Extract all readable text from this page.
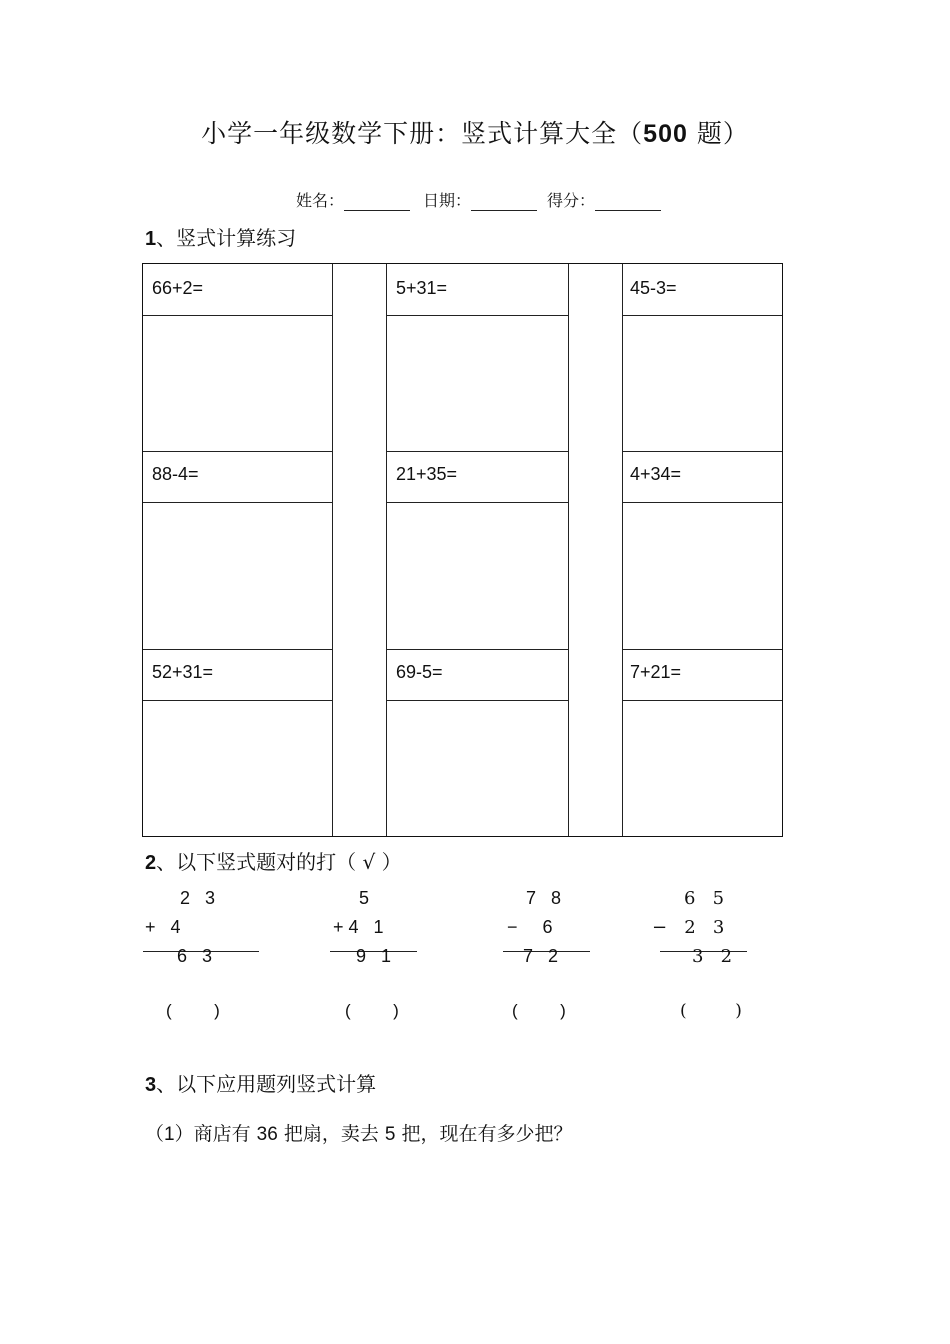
小学一年级数学下册：竖式计算大全（500 题）
姓名：	日期：	得分：
1、竖式计算练习
66+2=	5+31=	45-3=
88-4=	21+35=	4+34=
52+31=	69-5=	7+21=
2、以下竖式题对的打（ √ ）
2   3
+   4
6   3
(         )
5
+ 4   1
9   1
(         )
7   8
−     6
7   2
(         )
6   5
−   2   3
3   2
(         )
3、以下应用题列竖式计算
（1）商店有 36 把扇，卖去 5 把，现在有多少把？
